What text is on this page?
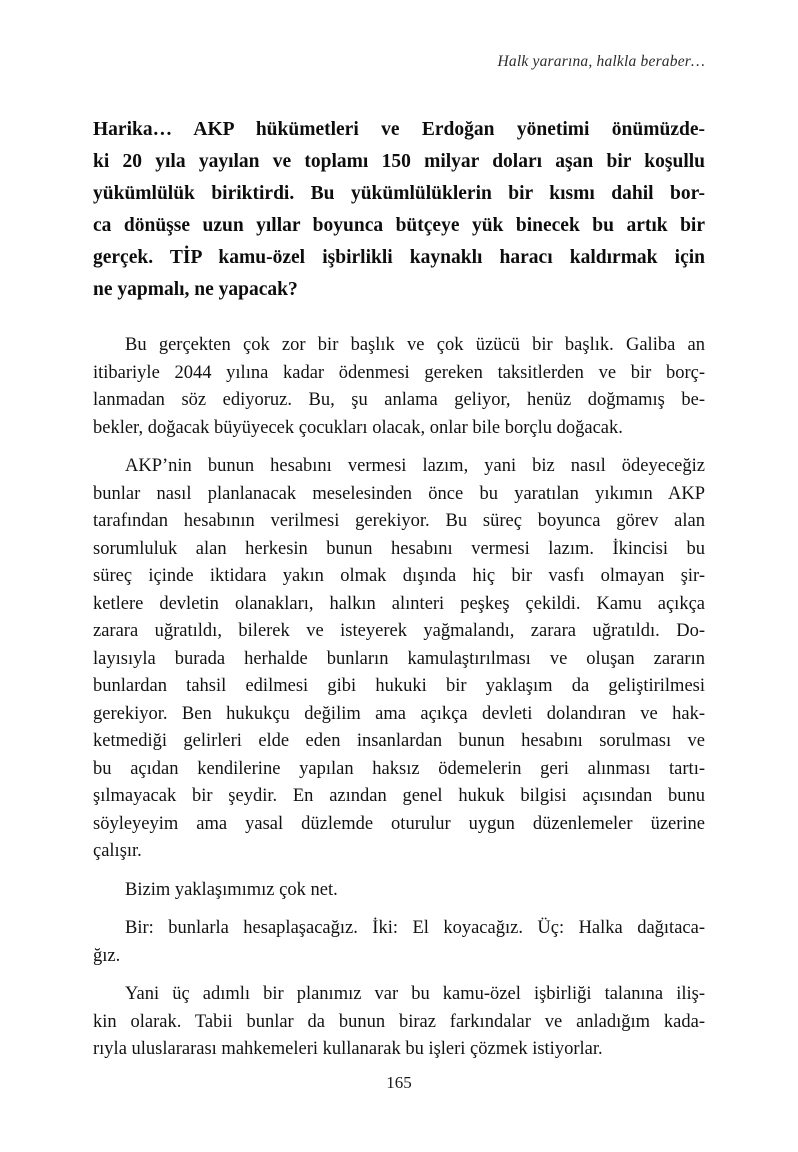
Halk yararına, halkla beraber…
Harika… AKP hükümetleri ve Erdoğan yönetimi önümüzde-
ki 20 yıla yayılan ve toplamı 150 milyar doları aşan bir koşullu
yükümlülük biriktirdi. Bu yükümlülüklerin bir kısmı dahil bor-
ca dönüşse uzun yıllar boyunca bütçeye yük binecek bu artık bir
gerçek. TİP kamu-özel işbirlikli kaynaklı haracı kaldırmak için
ne yapmalı, ne yapacak?
Bu gerçekten çok zor bir başlık ve çok üzücü bir başlık. Galiba an
itibariyle 2044 yılına kadar ödenmesi gereken taksitlerden ve bir borç-
lanmadan söz ediyoruz. Bu, şu anlama geliyor, henüz doğmamış be-
bekler, doğacak büyüyecek çocukları olacak, onlar bile borçlu doğacak.
AKP’nin bunun hesabını vermesi lazım, yani biz nasıl ödeyeceğiz
bunlar nasıl planlanacak meselesinden önce bu yaratılan yıkımın AKP
tarafından hesabının verilmesi gerekiyor. Bu süreç boyunca görev alan
sorumluluk alan herkesin bunun hesabını vermesi lazım. İkincisi bu
süreç içinde iktidara yakın olmak dışında hiç bir vasfı olmayan şir-
ketlere devletin olanakları, halkın alınteri peşkeş çekildi. Kamu açıkça
zarara uğratıldı, bilerek ve isteyerek yağmalandı, zarara uğratıldı. Do-
layısıyla burada herhalde bunların kamulaştırılması ve oluşan zararın
bunlardan tahsil edilmesi gibi hukuki bir yaklaşım da geliştirilmesi
gerekiyor. Ben hukukçu değilim ama açıkça devleti dolandıran ve hak-
ketmediği gelirleri elde eden insanlardan bunun hesabını sorulması ve
bu açıdan kendilerine yapılan haksız ödemelerin geri alınması tartı-
şılmayacak bir şeydir. En azından genel hukuk bilgisi açısından bunu
söyleyeyim ama yasal düzlemde oturulur uygun düzenlemeler üzerine
çalışır.
Bizim yaklaşımımız çok net.
Bir: bunlarla hesaplaşacağız. İki: El koyacağız. Üç: Halka dağıtaca-
ğız.
Yani üç adımlı bir planımız var bu kamu-özel işbirliği talanına iliş-
kin olarak. Tabii bunlar da bunun biraz farkındalar ve anladığım kada-
rıyla uluslararası mahkemeleri kullanarak bu işleri çözmek istiyorlar.
165
